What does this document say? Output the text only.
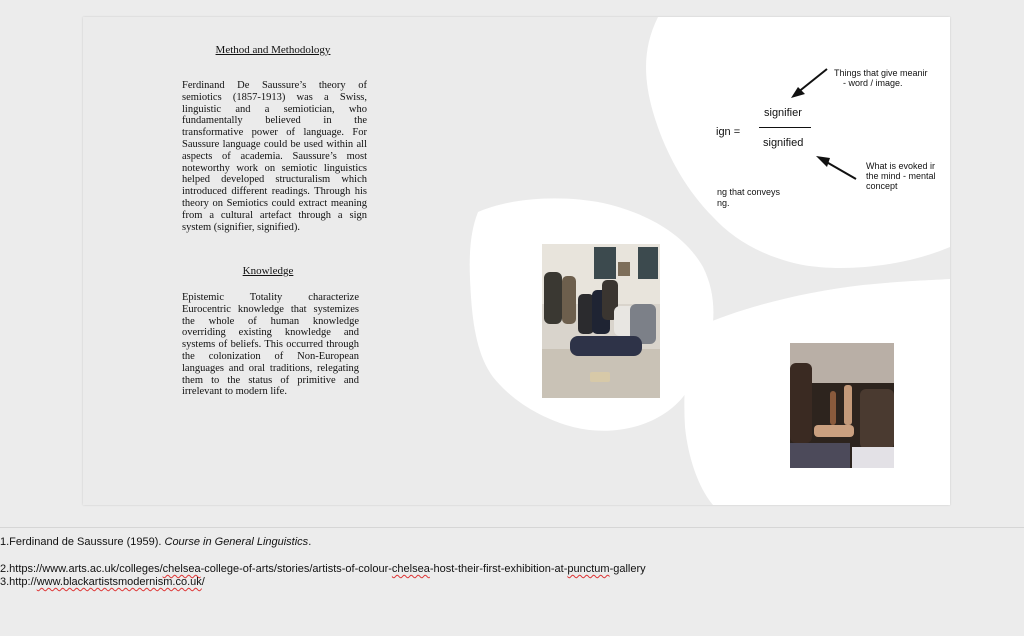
Method and Methodology
Ferdinand De Saussure’s theory of semiotics (1857-1913) was a Swiss, linguistic and a semiotician, who fundamentally believed in the transformative power of language. For Saussure language could be used within all aspects of academia. Saussure’s most noteworthy work on semiotic linguistics helped developed structuralism which introduced different readings. Through his theory on Semiotics could extract meaning from a cultural artefact through a sign system (signifier, signified).
Knowledge
Epistemic Totality characterize Eurocentric knowledge that systemizes the whole of human knowledge overriding existing knowledge and systems of beliefs. This occurred through the colonization of Non-European languages and oral traditions, relegating them to the status of primitive and irrelevant to modern life.
ign =
signifier
signified
Things that give meanir
- word / image.
What is evoked ir
the mind - mental
concept
ng that conveys
ng.
1.Ferdinand de Saussure (1959). Course in General Linguistics.
2.https://www.arts.ac.uk/colleges/chelsea-college-of-arts/stories/artists-of-colour-chelsea-host-their-first-exhibition-at-punctum-gallery
3.http://www.blackartistsmodernism.co.uk/
